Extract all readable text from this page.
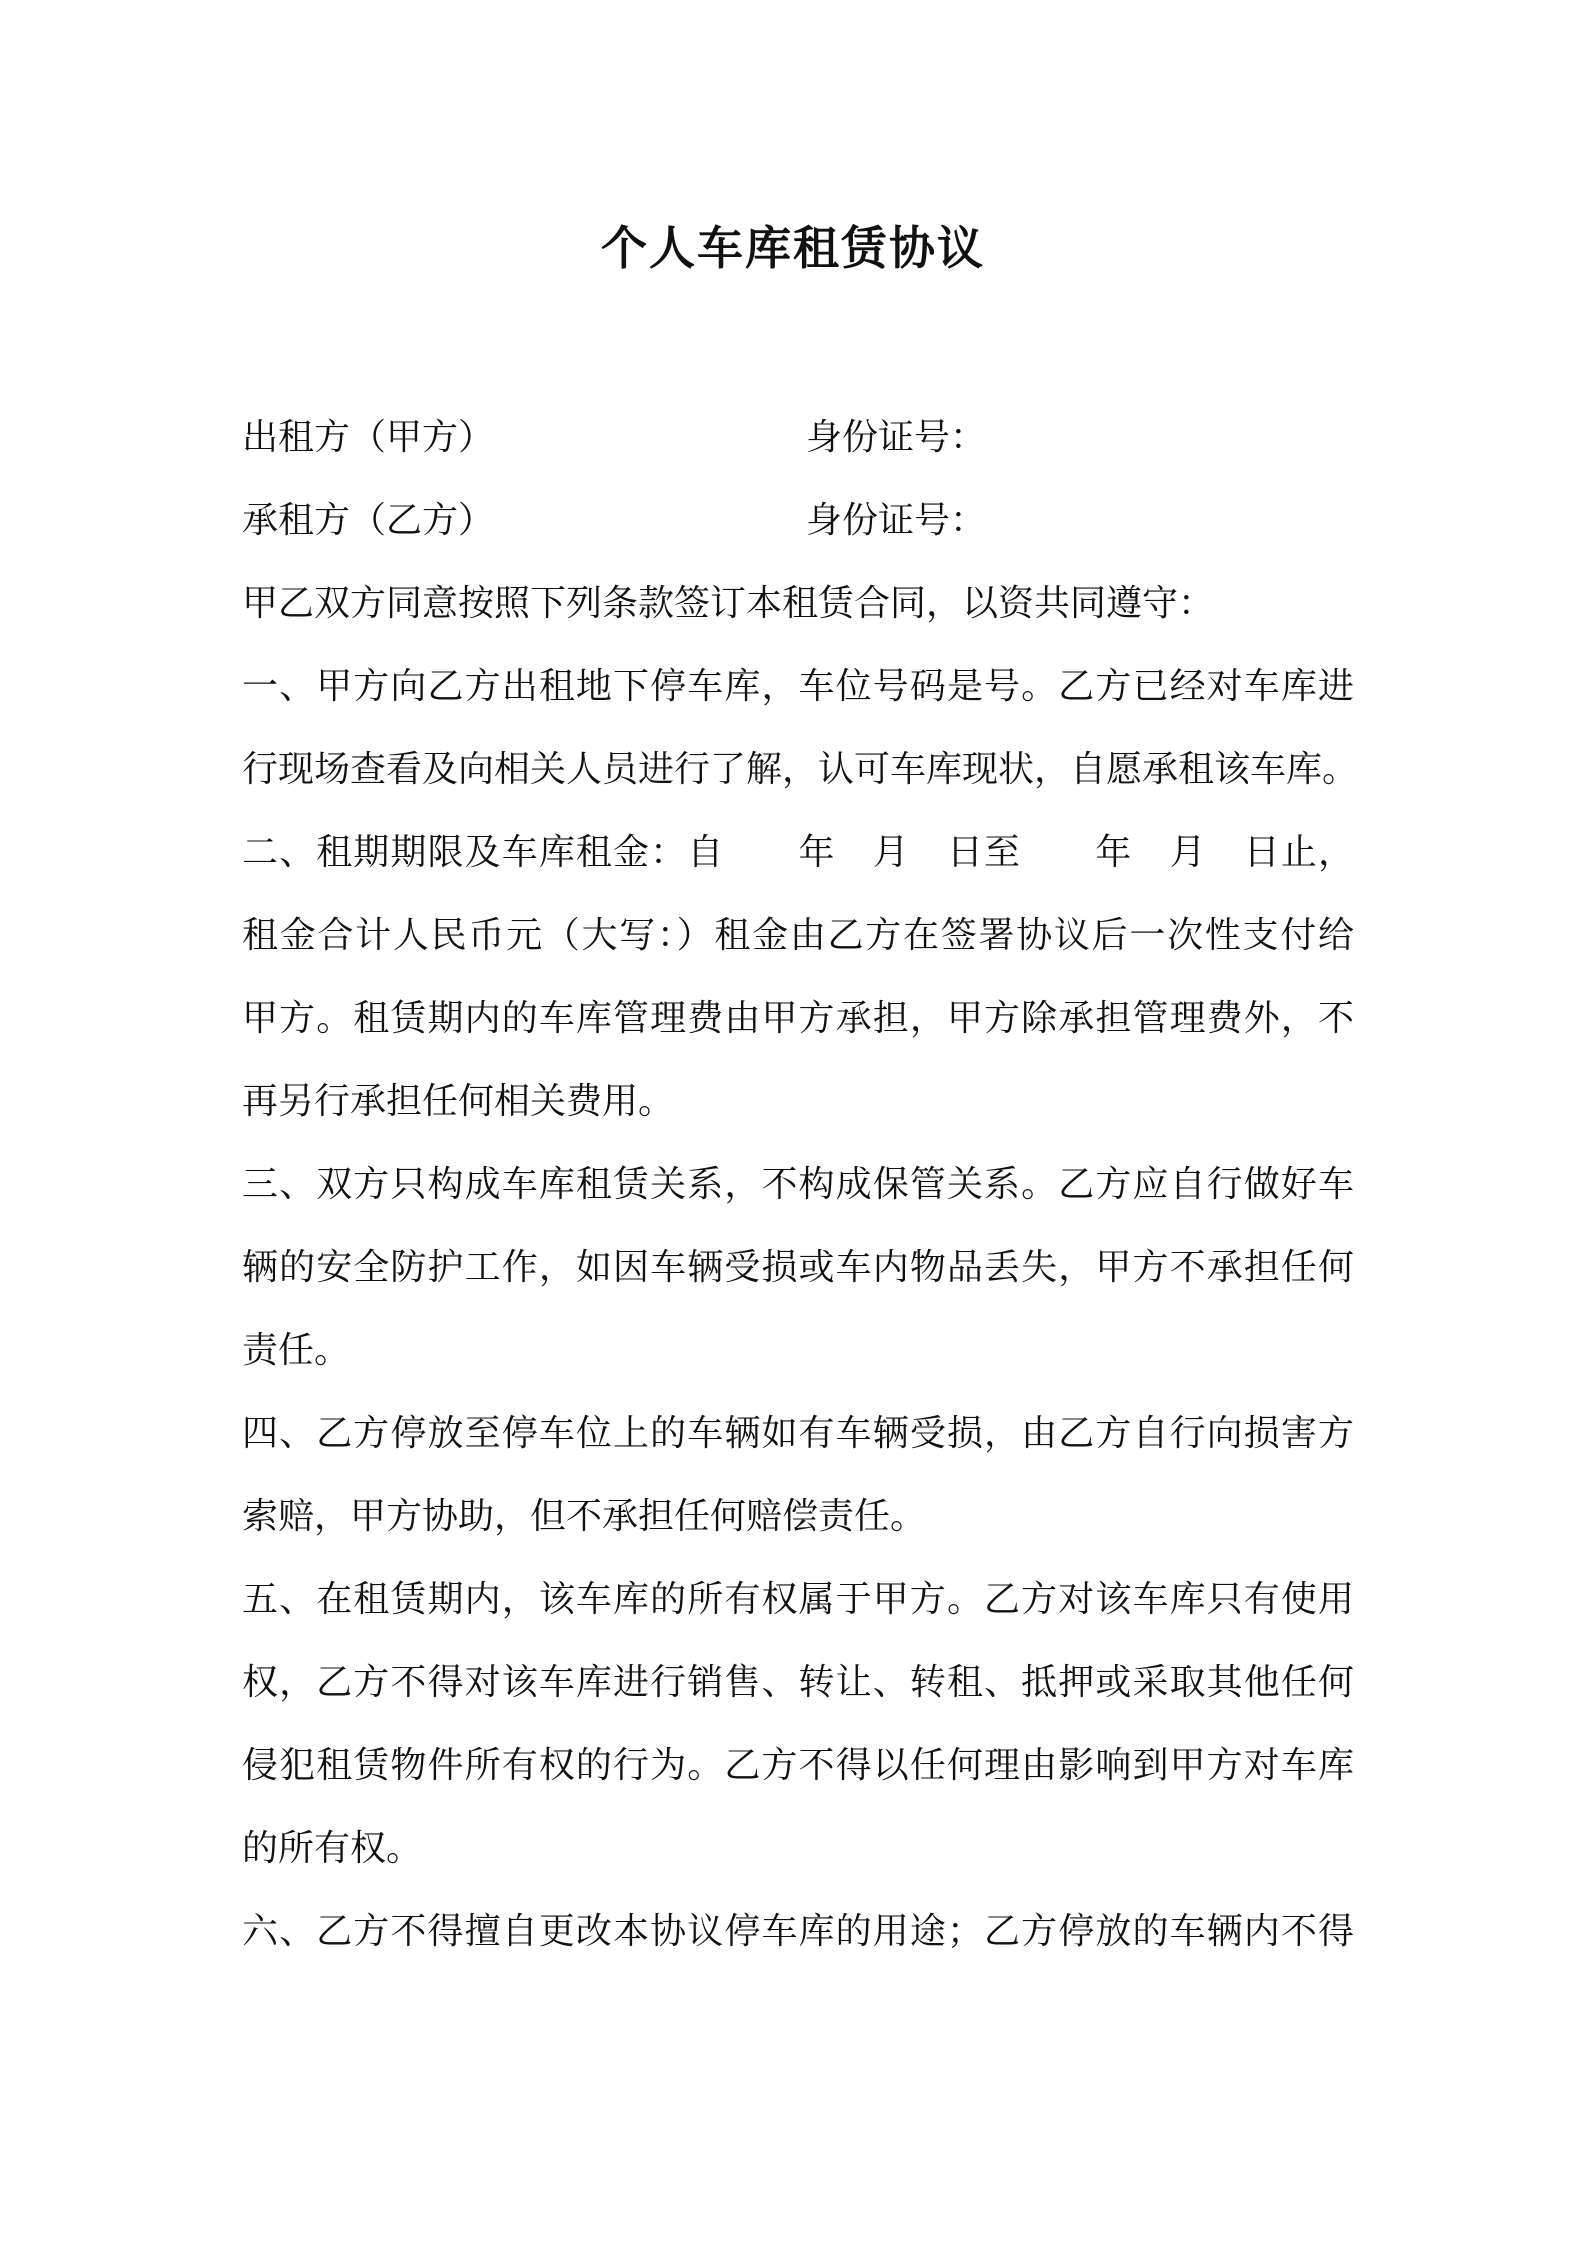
个人车库租赁协议
出租方（甲方）	身份证号：
承租方（乙方）	身份证号：
甲乙双方同意按照下列条款签订本租赁合同，以资共同遵守：
一、甲方向乙方出租地下停车库，车位号码是号。乙方已经对车库进
行现场查看及向相关人员进行了解，认可车库现状，自愿承租该车库。
二、租期期限及车库租金：自　　年　月　日至　　年　月　日止，
租金合计人民币元（大写：）租金由乙方在签署协议后一次性支付给
甲方。租赁期内的车库管理费由甲方承担，甲方除承担管理费外，不
再另行承担任何相关费用。
三、双方只构成车库租赁关系，不构成保管关系。乙方应自行做好车
辆的安全防护工作，如因车辆受损或车内物品丢失，甲方不承担任何
责任。
四、乙方停放至停车位上的车辆如有车辆受损，由乙方自行向损害方
索赔，甲方协助，但不承担任何赔偿责任。
五、在租赁期内，该车库的所有权属于甲方。乙方对该车库只有使用
权，乙方不得对该车库进行销售、转让、转租、抵押或采取其他任何
侵犯租赁物件所有权的行为。乙方不得以任何理由影响到甲方对车库
的所有权。
六、乙方不得擅自更改本协议停车库的用途；乙方停放的车辆内不得
